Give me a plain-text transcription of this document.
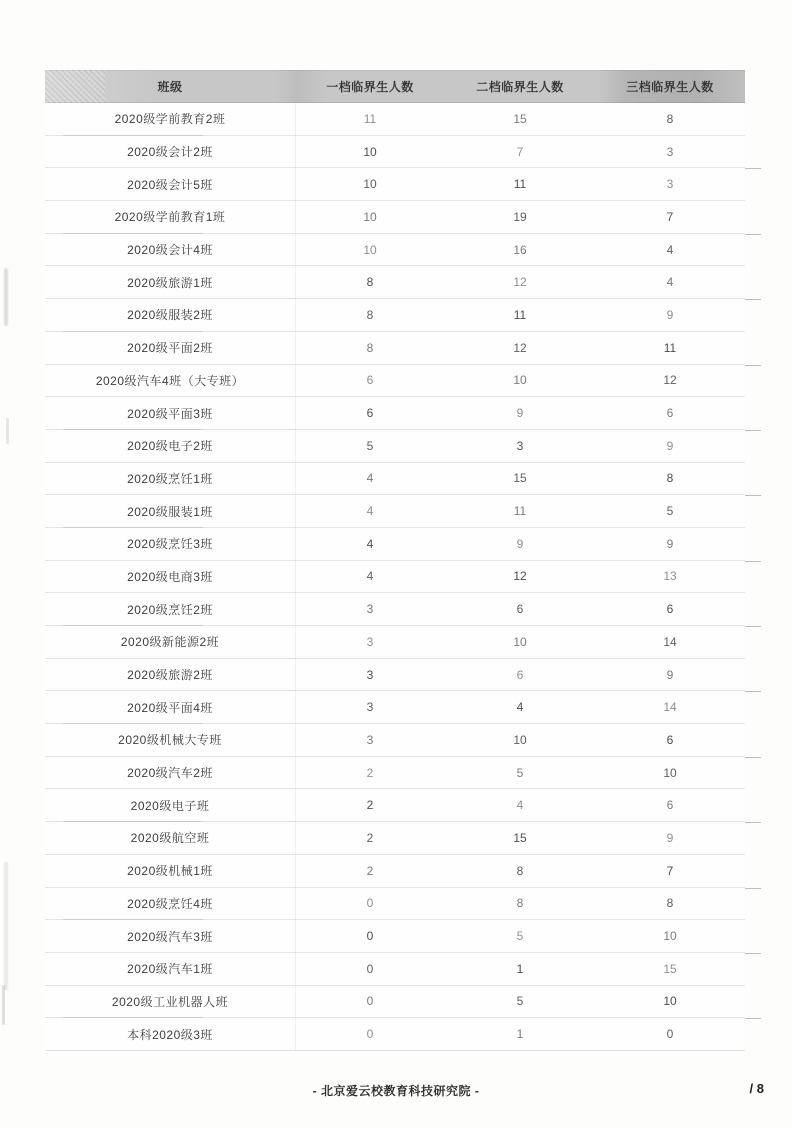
班级	一档临界生人数	二档临界生人数	三档临界生人数
2020级学前教育2班	11	15	8
2020级会计2班	10	7	3
2020级会计5班	10	11	3
2020级学前教育1班	10	19	7
2020级会计4班	10	16	4
2020级旅游1班	8	12	4
2020级服装2班	8	11	9
2020级平面2班	8	12	11
2020级汽车4班（大专班）	6	10	12
2020级平面3班	6	9	6
2020级电子2班	5	3	9
2020级烹饪1班	4	15	8
2020级服装1班	4	11	5
2020级烹饪3班	4	9	9
2020级电商3班	4	12	13
2020级烹饪2班	3	6	6
2020级新能源2班	3	10	14
2020级旅游2班	3	6	9
2020级平面4班	3	4	14
2020级机械大专班	3	10	6
2020级汽车2班	2	5	10
2020级电子班	2	4	6
2020级航空班	2	15	9
2020级机械1班	2	8	7
2020级烹饪4班	0	8	8
2020级汽车3班	0	5	10
2020级汽车1班	0	1	15
2020级工业机器人班	0	5	10
本科2020级3班	0	1	0
- 北京爱云校教育科技研究院 -	/ 8
